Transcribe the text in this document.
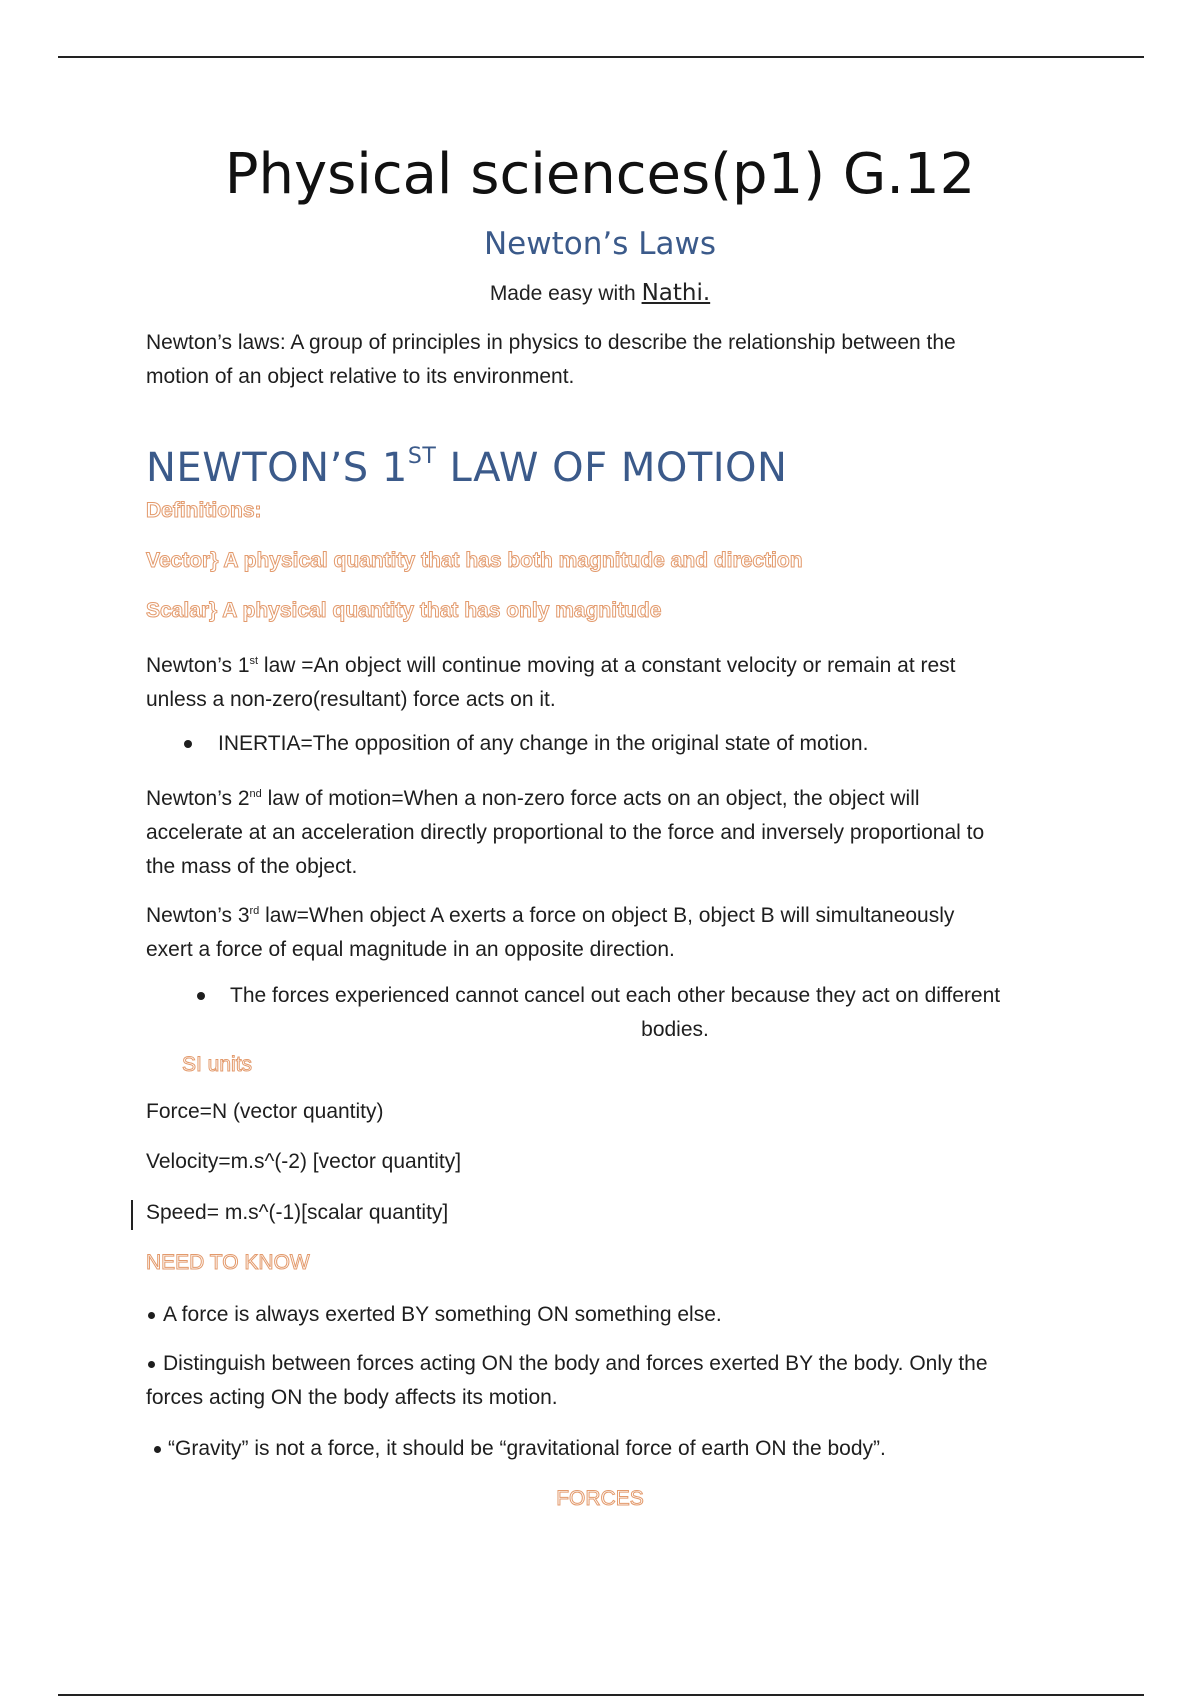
Physical sciences(p1) G.12
Newton’s Laws
Made easy with Nathi.
Newton’s laws: A group of principles in physics to describe the relationship between the
motion of an object relative to its environment.
NEWTON’S 1ST LAW OF MOTION
Definitions:
Vector} A physical quantity that has both magnitude and direction
Scalar} A physical quantity that has only magnitude
Newton’s 1st law =An object will continue moving at a constant velocity or remain at rest
unless a non-zero(resultant) force acts on it.
INERTIA=The opposition of any change in the original state of motion.
Newton’s 2nd law of motion=When a non-zero force acts on an object, the object will
accelerate at an acceleration directly proportional to the force and inversely proportional to
the mass of the object.
Newton’s 3rd law=When object A exerts a force on object B, object B will simultaneously
exert a force of equal magnitude in an opposite direction.
The forces experienced cannot cancel out each other because they act on different
bodies.
SI units
Force=N (vector quantity)
Velocity=m.s^(-2) [vector quantity]
Speed= m.s^(-1)[scalar quantity]
NEED TO KNOW
A force is always exerted BY something ON something else.
Distinguish between forces acting ON the body and forces exerted BY the body. Only the
forces acting ON the body affects its motion.
“Gravity” is not a force, it should be “gravitational force of earth ON the body”.
FORCES
